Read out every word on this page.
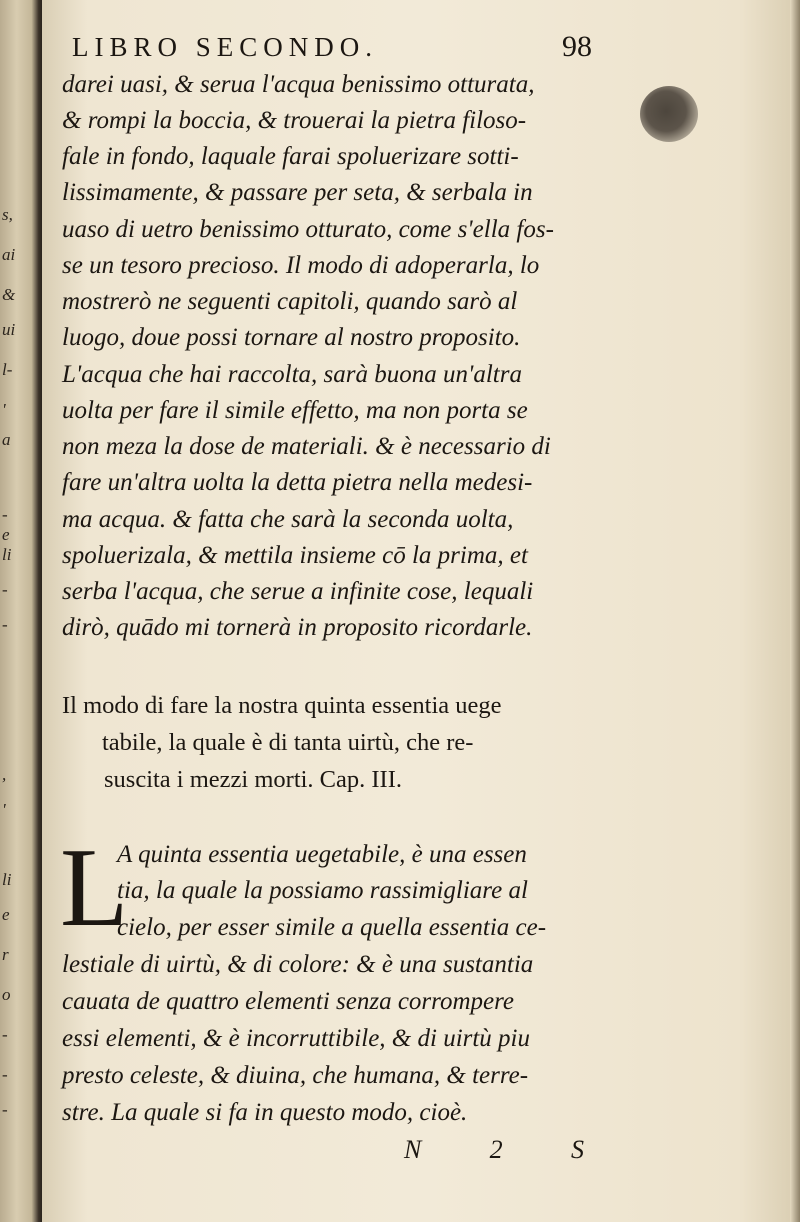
s,
ai
&
ui
l-
'
a
-
e
li
-
-
,
'
li
e
r
o
-
-
-
LIBRO SECONDO.	98
darei uasi, & serua l'acqua benissimo otturata,
& rompi la boccia, & trouerai la pietra filoso-
fale in fondo, laquale farai spoluerizare sotti-
lissimamente, & passare per seta, & serbala in
uaso di uetro benissimo otturato, come s'ella fos-
se un tesoro precioso. Il modo di adoperarla, lo
mostrerò ne seguenti capitoli, quando sarò al
luogo, doue possi tornare al nostro proposito.
L'acqua che hai raccolta, sarà buona un'altra
uolta per fare il simile effetto, ma non porta se
non meza la dose de materiali. & è necessario di
fare un'altra uolta la detta pietra nella medesi-
ma acqua. & fatta che sarà la seconda uolta,
spoluerizala, & mettila insieme cō la prima, et
serba l'acqua, che serue a infinite cose, lequali
dirò, quādo mi tornerà in proposito ricordarle.
Il modo di fare la nostra quinta essentia uege
tabile, la quale è di tanta uirtù, che re-
suscita i mezzi morti. Cap. III.
L
A quinta essentia uegetabile, è una essen
tia, la quale la possiamo rassimigliare al
cielo, per esser simile a quella essentia ce-
lestiale di uirtù, & di colore: & è una sustantia
cauata de quattro elementi senza corrompere
essi elementi, & è incorruttibile, & di uirtù piu
presto celeste, & diuina, che humana, & terre-
stre. La quale si fa in questo modo, cioè.
N	2	S
